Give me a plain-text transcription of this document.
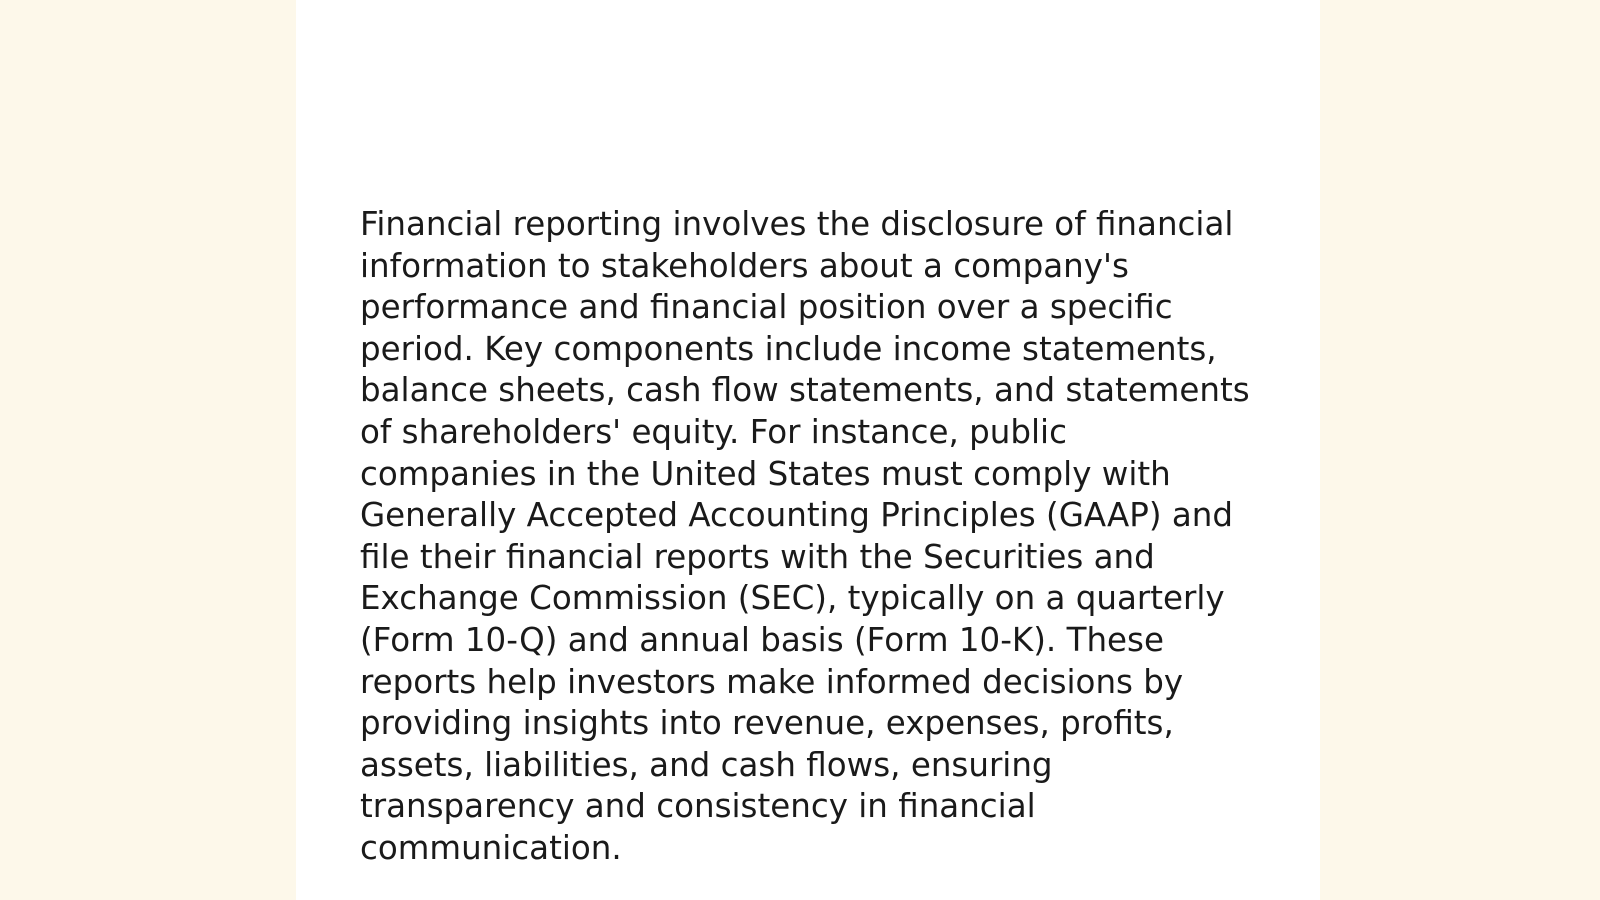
Financial reporting involves the disclosure of financial
information to stakeholders about a company's
performance and financial position over a specific
period. Key components include income statements,
balance sheets, cash flow statements, and statements
of shareholders' equity. For instance, public
companies in the United States must comply with
Generally Accepted Accounting Principles (GAAP) and
file their financial reports with the Securities and
Exchange Commission (SEC), typically on a quarterly
(Form 10-Q) and annual basis (Form 10-K). These
reports help investors make informed decisions by
providing insights into revenue, expenses, profits,
assets, liabilities, and cash flows, ensuring
transparency and consistency in financial
communication.
